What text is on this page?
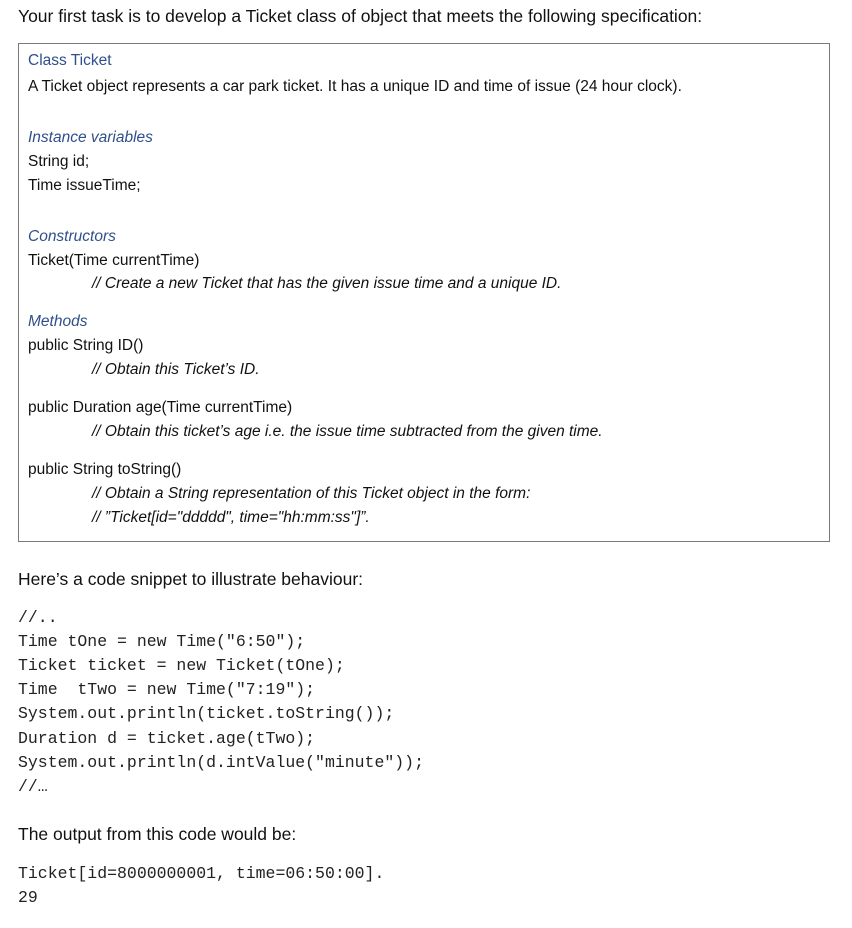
Your first task is to develop a Ticket class of object that meets the following specification:
Class Ticket
A Ticket object represents a car park ticket. It has a unique ID and time of issue (24 hour clock).
Instance variables
String id;
Time issueTime;
Constructors
Ticket(Time currentTime)
// Create a new Ticket that has the given issue time and a unique ID.
Methods
public String ID()
// Obtain this Ticket’s ID.
public Duration age(Time currentTime)
// Obtain this ticket’s age i.e. the issue time subtracted from the given time.
public String toString()
// Obtain a String representation of this Ticket object in the form:
// ”Ticket[id="ddddd", time="hh:mm:ss"]”.
Here’s a code snippet to illustrate behaviour:
//..
Time tOne = new Time("6:50");
Ticket ticket = new Ticket(tOne);
Time  tTwo = new Time("7:19");
System.out.println(ticket.toString());
Duration d = ticket.age(tTwo);
System.out.println(d.intValue("minute"));
//…
The output from this code would be:
Ticket[id=8000000001, time=06:50:00].
29
